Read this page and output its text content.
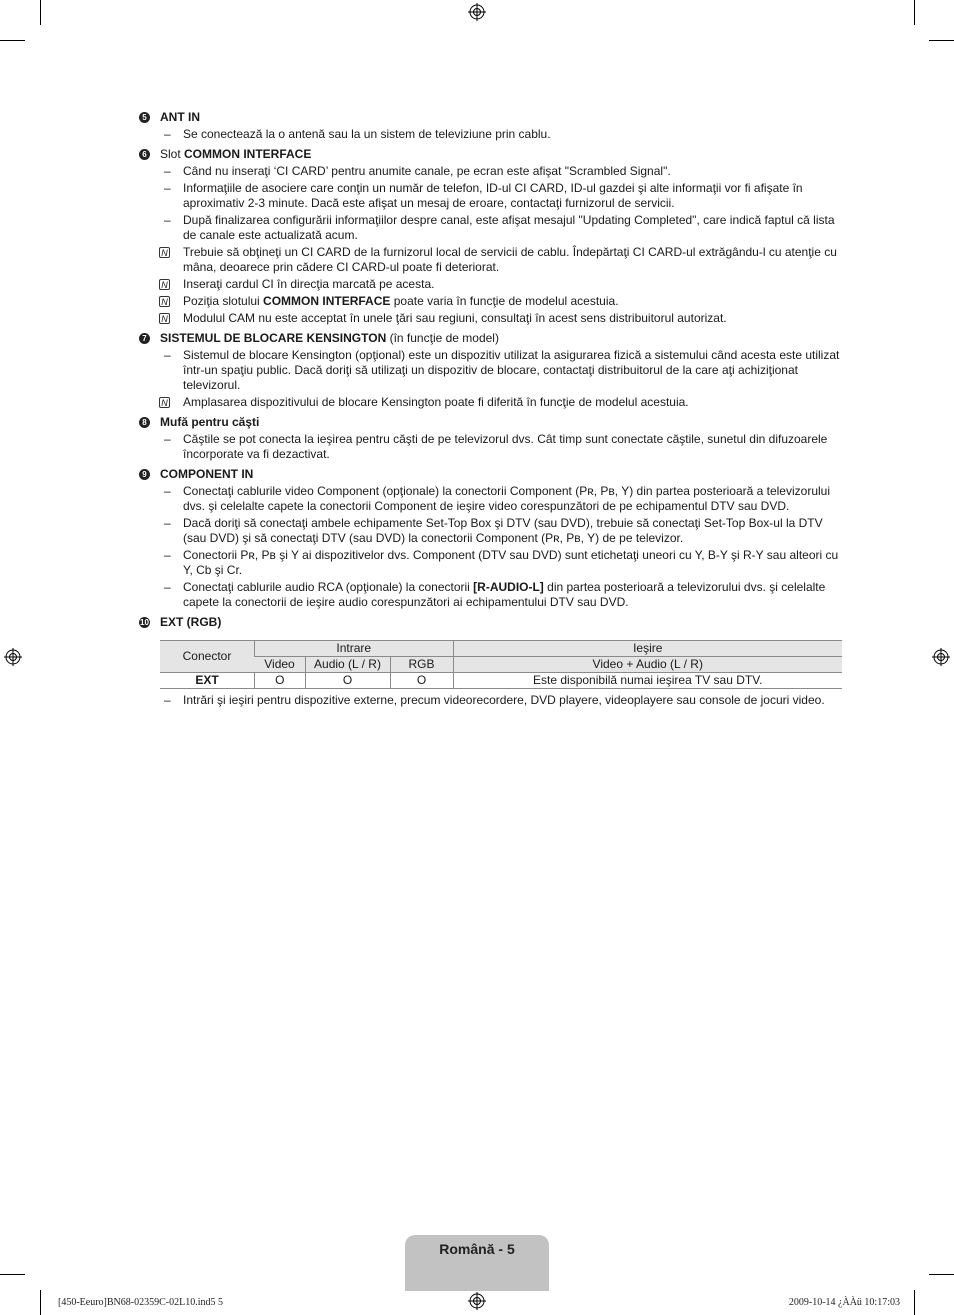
5 ANT IN
– Se conectează la o antenă sau la un sistem de televiziune prin cablu.
6 Slot COMMON INTERFACE
– Când nu inseraţi ‘CI CARD’ pentru anumite canale, pe ecran este afişat "Scrambled Signal".
– Informaţiile de asociere care conţin un număr de telefon, ID-ul CI CARD, ID-ul gazdei şi alte informaţii vor fi afişate în aproximativ 2-3 minute. Dacă este afişat un mesaj de eroare, contactaţi furnizorul de servicii.
– După finalizarea configurării informaţiilor despre canal, este afişat mesajul "Updating Completed", care indică faptul că lista de canale este actualizată acum.
N Trebuie să obţineţi un CI CARD de la furnizorul local de servicii de cablu. Îndepărtaţi CI CARD-ul extrăgându-l cu atenţie cu mâna, deoarece prin cădere CI CARD-ul poate fi deteriorat.
N Inseraţi cardul CI în direcţia marcată pe acesta.
N Poziţia slotului COMMON INTERFACE poate varia în funcţie de modelul acestuia.
N Modulul CAM nu este acceptat în unele ţări sau regiuni, consultaţi în acest sens distribuitorul autorizat.
7 SISTEMUL DE BLOCARE KENSINGTON (în funcţie de model)
– Sistemul de blocare Kensington (opţional) este un dispozitiv utilizat la asigurarea fizică a sistemului când acesta este utilizat într-un spaţiu public. Dacă doriţi să utilizaţi un dispozitiv de blocare, contactaţi distribuitorul de la care aţi achiziţionat televizorul.
N Amplasarea dispozitivului de blocare Kensington poate fi diferită în funcţie de modelul acestuia.
8 Mufă pentru căşti
– Căştile se pot conecta la ieşirea pentru căşti de pe televizorul dvs. Cât timp sunt conectate căştile, sunetul din difuzoarele încorporate va fi dezactivat.
9 COMPONENT IN
– Conectaţi cablurile video Component (opţionale) la conectorii Component (Pʀ, Pʙ, Y) din partea posterioară a televizorului dvs. şi celelalte capete la conectorii Component de ieşire video corespunzători de pe echipamentul DTV sau DVD.
– Dacă doriţi să conectaţi ambele echipamente Set-Top Box şi DTV (sau DVD), trebuie să conectaţi Set-Top Box-ul la DTV (sau DVD) şi să conectaţi DTV (sau DVD) la conectorii Component (Pʀ, Pʙ, Y) de pe televizor.
– Conectorii Pʀ, Pʙ şi Y ai dispozitivelor dvs. Component (DTV sau DVD) sunt etichetaţi uneori cu Y, B-Y şi R-Y sau alteori cu Y, Cb şi Cr.
– Conectaţi cablurile audio RCA (opţionale) la conectorii [R-AUDIO-L] din partea posterioară a televizorului dvs. şi celelalte capete la conectorii de ieşire audio corespunzători ai echipamentului DTV sau DVD.
10 EXT (RGB)
Conector	Intrare			Ieşire
	Video	Audio (L / R)	RGB	Video + Audio (L / R)
EXT	O	O	O	Este disponibilă numai ieşirea TV sau DTV.
– Intrări şi ieşiri pentru dispozitive externe, precum videorecordere, DVD playere, videoplayere sau console de jocuri video.
Română - 5
[450-Eeuro]BN68-02359C-02L10.ind5 5	2009-10-14 ¿ÀÀü 10:17:03
